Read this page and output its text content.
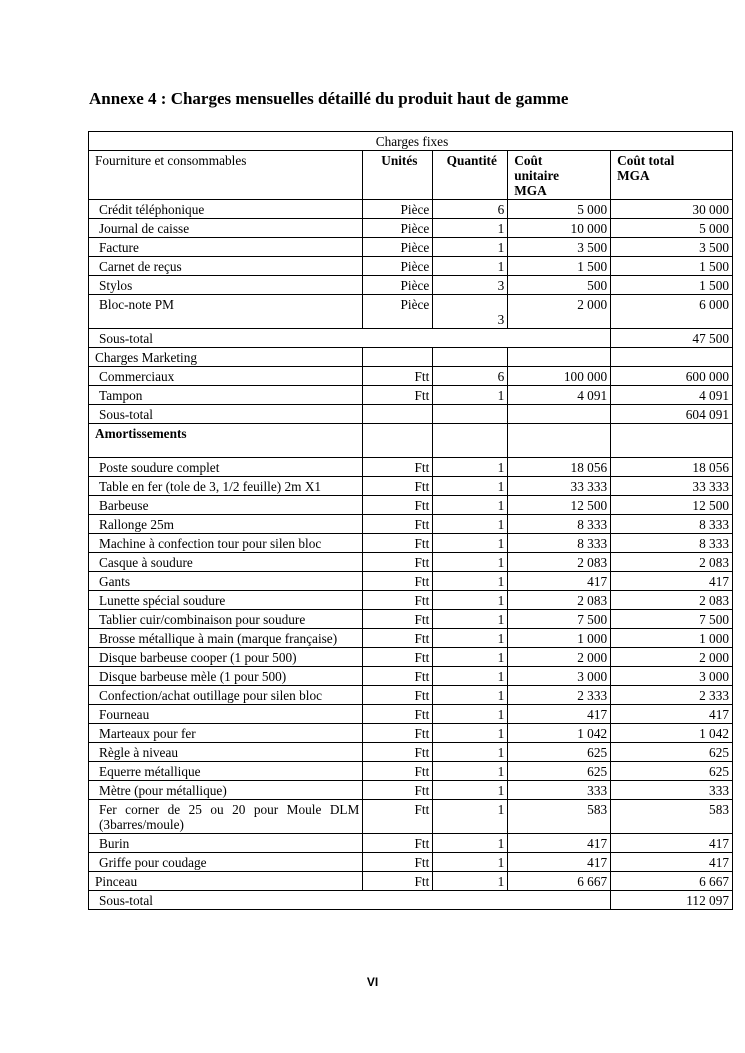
Annexe 4 : Charges mensuelles détaillé du produit haut de gamme
Charges fixes				
Fourniture et consommables	Unités	Quantité	Coût unitaire MGA	Coût total MGA
Crédit téléphonique	Pièce	6	5 000	30 000
Journal de caisse	Pièce	1	10 000	5 000
Facture	Pièce	1	3 500	3 500
Carnet de reçus	Pièce	1	1 500	1 500
Stylos	Pièce	3	500	1 500
Bloc-note PM	Pièce	3	2 000	6 000
Sous-total				47 500
Charges Marketing				
Commerciaux	Ftt	6	100 000	600 000
Tampon	Ftt	1	4 091	4 091
Sous-total				604 091
Amortissements				
Poste soudure complet	Ftt	1	18 056	18 056
Table en fer (tole de 3, 1/2 feuille) 2m X1	Ftt	1	33 333	33 333
Barbeuse	Ftt	1	12 500	12 500
Rallonge 25m	Ftt	1	8 333	8 333
Machine à confection tour pour silen bloc	Ftt	1	8 333	8 333
Casque à soudure	Ftt	1	2 083	2 083
Gants	Ftt	1	417	417
Lunette spécial soudure	Ftt	1	2 083	2 083
Tablier cuir/combinaison pour soudure	Ftt	1	7 500	7 500
Brosse métallique à main (marque française)	Ftt	1	1 000	1 000
Disque barbeuse cooper (1 pour 500)	Ftt	1	2 000	2 000
Disque barbeuse mèle (1 pour 500)	Ftt	1	3 000	3 000
Confection/achat outillage pour silen bloc	Ftt	1	2 333	2 333
Fourneau	Ftt	1	417	417
Marteaux pour fer	Ftt	1	1 042	1 042
Règle à niveau	Ftt	1	625	625
Equerre métallique	Ftt	1	625	625
Mètre (pour métallique)	Ftt	1	333	333
Fer corner de 25 ou 20 pour Moule DLM (3barres/moule)	Ftt	1	583	583
Burin	Ftt	1	417	417
Griffe pour coudage	Ftt	1	417	417
Pinceau	Ftt	1	6 667	6 667
Sous-total				112 097
VI
